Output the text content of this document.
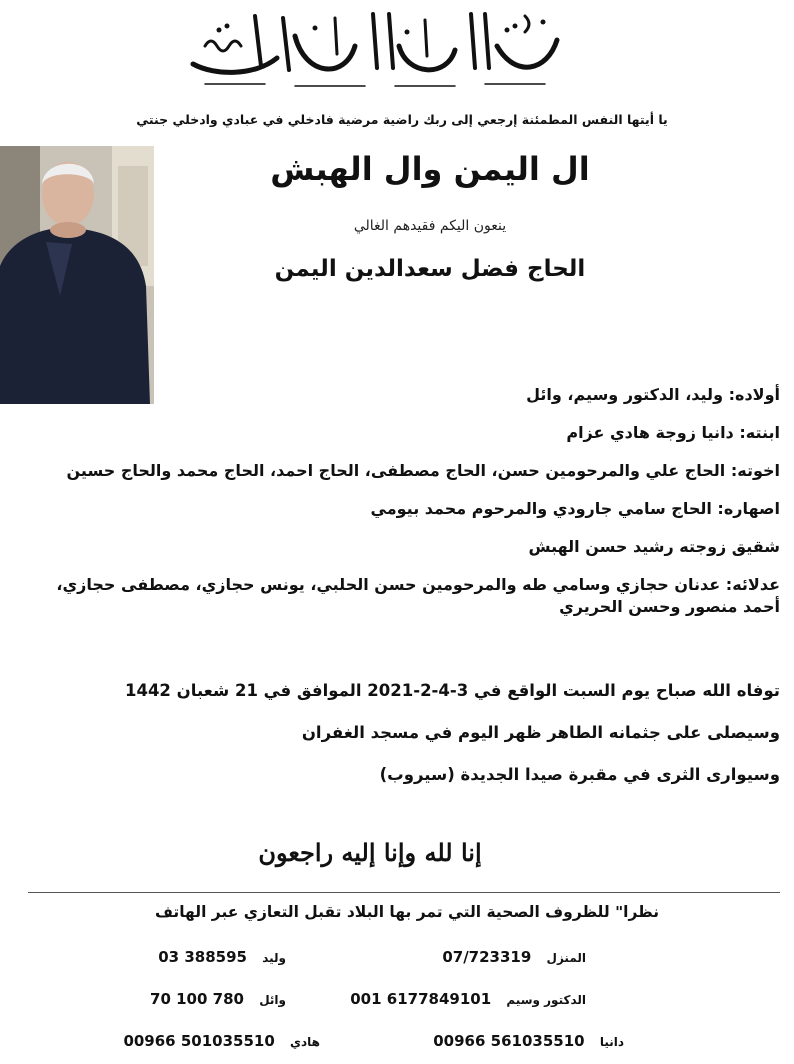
يا أيتها النفس المطمئنة إرجعي إلى ربك راضية مرضية فادخلي في عبادي وادخلي جنتي
ال اليمن وال الهبش
ينعون اليكم فقيدهم الغالي
الحاج فضل سعدالدين اليمن
أولاده: وليد، الدكتور وسيم، وائل
ابنته: دانيا زوجة هادي عزام
اخوته: الحاج علي والمرحومين حسن، الحاج مصطفى، الحاج احمد، الحاج محمد والحاج حسين
اصهاره: الحاج سامي جارودي والمرحوم محمد بيومي
شقيق زوجته رشيد حسن الهبش
عدلائه: عدنان حجازي وسامي طه والمرحومين حسن الحلبي، يونس حجازي، مصطفى حجازي، أحمد منصور وحسن الحريري
توفاه الله صباح يوم السبت الواقع في 3-4-2-2021 الموافق في 21 شعبان 1442
وسيصلى على جثمانه الطاهر ظهر اليوم في مسجد الغفران
وسيوارى الثرى في مقبرة صيدا الجديدة (سيروب)
إنا لله وإنا إليه راجعون
نظرا" للظروف الصحية التي تمر بها البلاد تقبل التعازي عبر الهاتف
المنزل 07/723319
الدكتور وسيم 001 6177849101
دانيا 00966 561035510
وليد 03 388595
وائل 70 100 780
هادي 00966 501035510
